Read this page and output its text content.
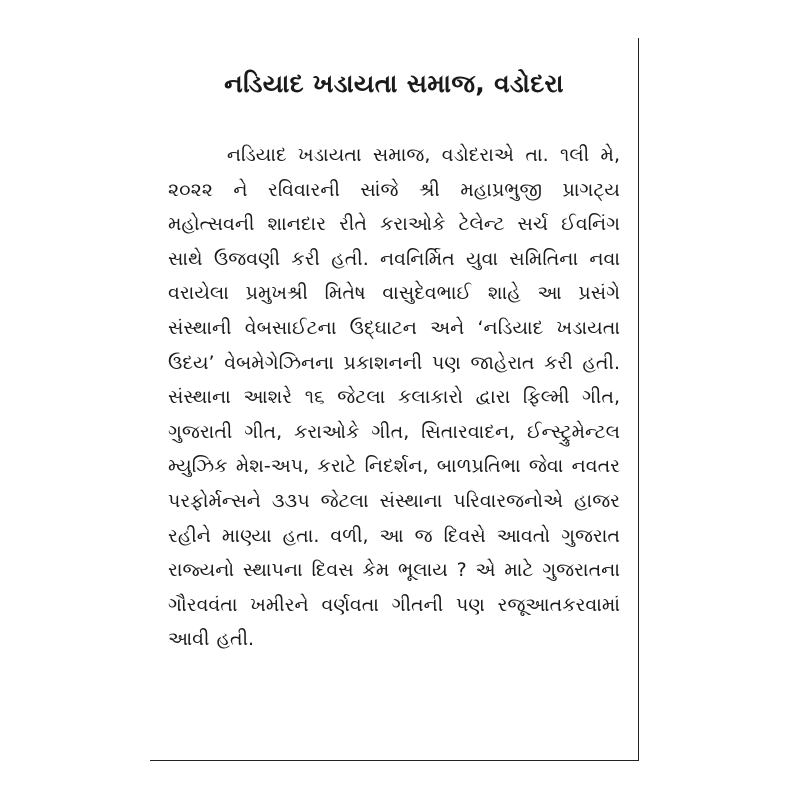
નડિયાદ ખડાયતા સમાજ, વડોદરા

નડિયાદ ખડાયતા સમાજ, વડોદરાએ તા. ૧લી મે, ૨૦૨૨ ને રવિવારની સાંજે શ્રી મહાપ્રભુજી પ્રાગટ્ય મહોત્સવની શાનદાર રીતે કરાઓકે ટેલેન્ટ સર્ચ ઈવનિંગ સાથે ઉજવણી કરી હતી. નવનિર્મિત યુવા સમિતિના નવા વરાયેલા પ્રમુખશ્રી મિતેષ વાસુદેવભાઈ શાહે આ પ્રસંગે સંસ્થાની વેબસાઈટના ઉદ્‍ઘાટન અને ‘નડિયાદ ખડાયતા ઉદય’ વેબમેગેઝિનના પ્રકાશનની પણ જાહેરાત કરી હતી. સંસ્થાના આશરે ૧૬ જેટલા કલાકારો દ્વારા ફિલ્મી ગીત, ગુજરાતી ગીત, કરાઓકે ગીત, સિતારવાદન, ઈન્સ્ટ્રુમેન્ટલ મ્યુઝિક મેશ-અપ, કરાટે નિદર્શન, બાળપ્રતિભા જેવા નવતર પરફોર્મન્સને ૩૩૫ જેટલા સંસ્થાના પરિવારજનોએ હાજર રહીને માણ્યા હતા. વળી, આ જ દિવસે આવતો ગુજરાત રાજ્યનો સ્થાપના દિવસ કેમ ભૂલાય ? એ માટે ગુજરાતના ગૌરવવંતા ખમીરને વર્ણવતા ગીતની પણ રજૂઆતકરવામાં આવી હતી.
